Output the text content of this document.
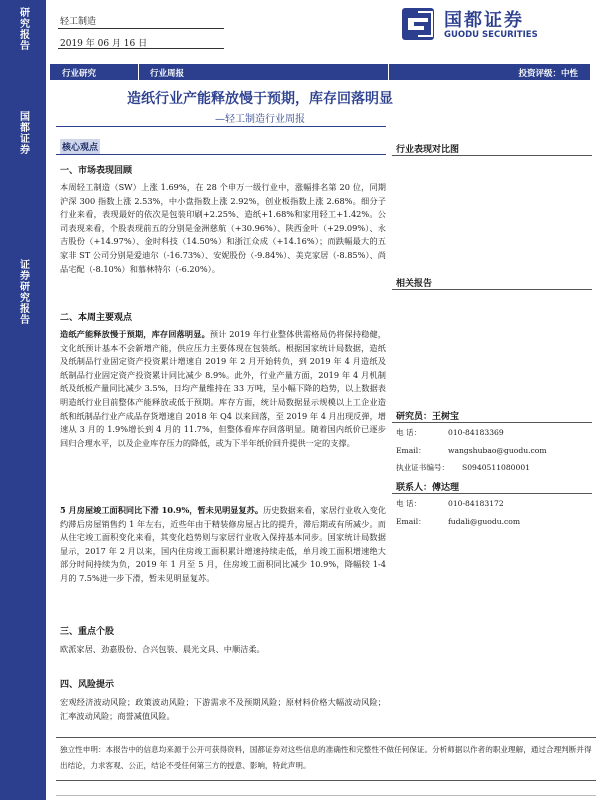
研究报告
国都证券
证券研究报告
轻工制造
2019 年 06 月 16 日
国都证券
GUODU SECURITIES
行业研究	行业周报	投资评级：中性
造纸行业产能释放慢于预期，库存回落明显
—轻工制造行业周报
核心观点
一、市场表现回顾
本周轻工制造（SW）上涨 1.69%，在 28 个申万一级行业中，涨幅排名第 20 位，同期沪深 300 指数上涨 2.53%，中小盘指数上涨 2.92%，创业板指数上涨 2.68%。细分子行业来看，表现最好的依次是包装印刷+2.25%、造纸+1.68%和家用轻工+1.42%。公司表现来看，个股表现前五的分别是金洲慈航（+30.96%）、陕西金叶（+29.09%）、永吉股份（+14.97%）、金时科技（14.50%）和浙江众成（+14.16%）；而跌幅最大的五家非 ST 公司分别是爱迪尔（-16.73%）、安妮股份（-9.84%）、美克家居（-8.85%）、尚品宅配（-8.10%）和慕林特尔（-6.20%）。
二、本周主要观点
造纸产能释放慢于预期，库存回落明显。预计 2019 年行业整体供需格局仍将保持稳健，文化纸预计基本不会新增产能，供应压力主要体现在包装纸。根据国家统计局数据，造纸及纸制品行业固定资产投资累计增速自 2019 年 2 月开始转负，到 2019 年 4 月造纸及纸制品行业固定资产投资累计同比减少 8.9%。此外，行业产量方面，2019 年 4 月机制纸及纸板产量同比减少 3.5%，日均产量维持在 33 万吨，呈小幅下降的趋势，以上数据表明造纸行业目前整体产能释放或低于预期。库存方面，统计局数据显示规模以上工企业造纸和纸制品行业产成品存货增速自 2018 年 Q4 以来回落，至 2019 年 4 月出现反弹，增速从 3 月的 1.9%增长到 4 月的 11.7%，但整体看库存回落明显。随着国内纸价已逐步回归合理水平，以及企业库存压力的降低，或为下半年纸价回升提供一定的支撑。
5 月房屋竣工面积同比下滑 10.9%，暂未见明显复苏。历史数据来看，家居行业收入变化约滞后房屋销售约 1 年左右，近些年由于精装修房屋占比的提升，滞后期或有所减少。而从住宅竣工面积变化来看，其变化趋势则与家居行业收入保持基本同步。国家统计局数据显示，2017 年 2 月以来，国内住房竣工面积累计增速持续走低，单月竣工面积增速绝大部分时间持续为负，2019 年 1 月至 5 月，住房竣工面积同比减少 10.9%，降幅较 1-4 月的 7.5%进一步下滑，暂未见明显复苏。
三、重点个股
欧派家居、劲嘉股份、合兴包装、晨光文具、中顺洁柔。
四、风险提示
宏观经济波动风险；政策波动风险；下游需求不及预期风险；原材料价格大幅波动风险；汇率波动风险；商誉减值风险。
行业表现对比图
相关报告
研究员：王树宝
电 话：	010-84183369
Email：	wangshubao@guodu.com
执业证书编号： S0940511080001
联系人：傅达理
电 话：	010-84183172
Email：	fudali@guodu.com
独立性申明：本报告中的信息均来源于公开可获得资料，国都证券对这些信息的准确性和完整性不做任何保证。分析师据以作者的职业理解，通过合理判断并得出结论，力求客观、公正，结论不受任何第三方的授意、影响，特此声明。
